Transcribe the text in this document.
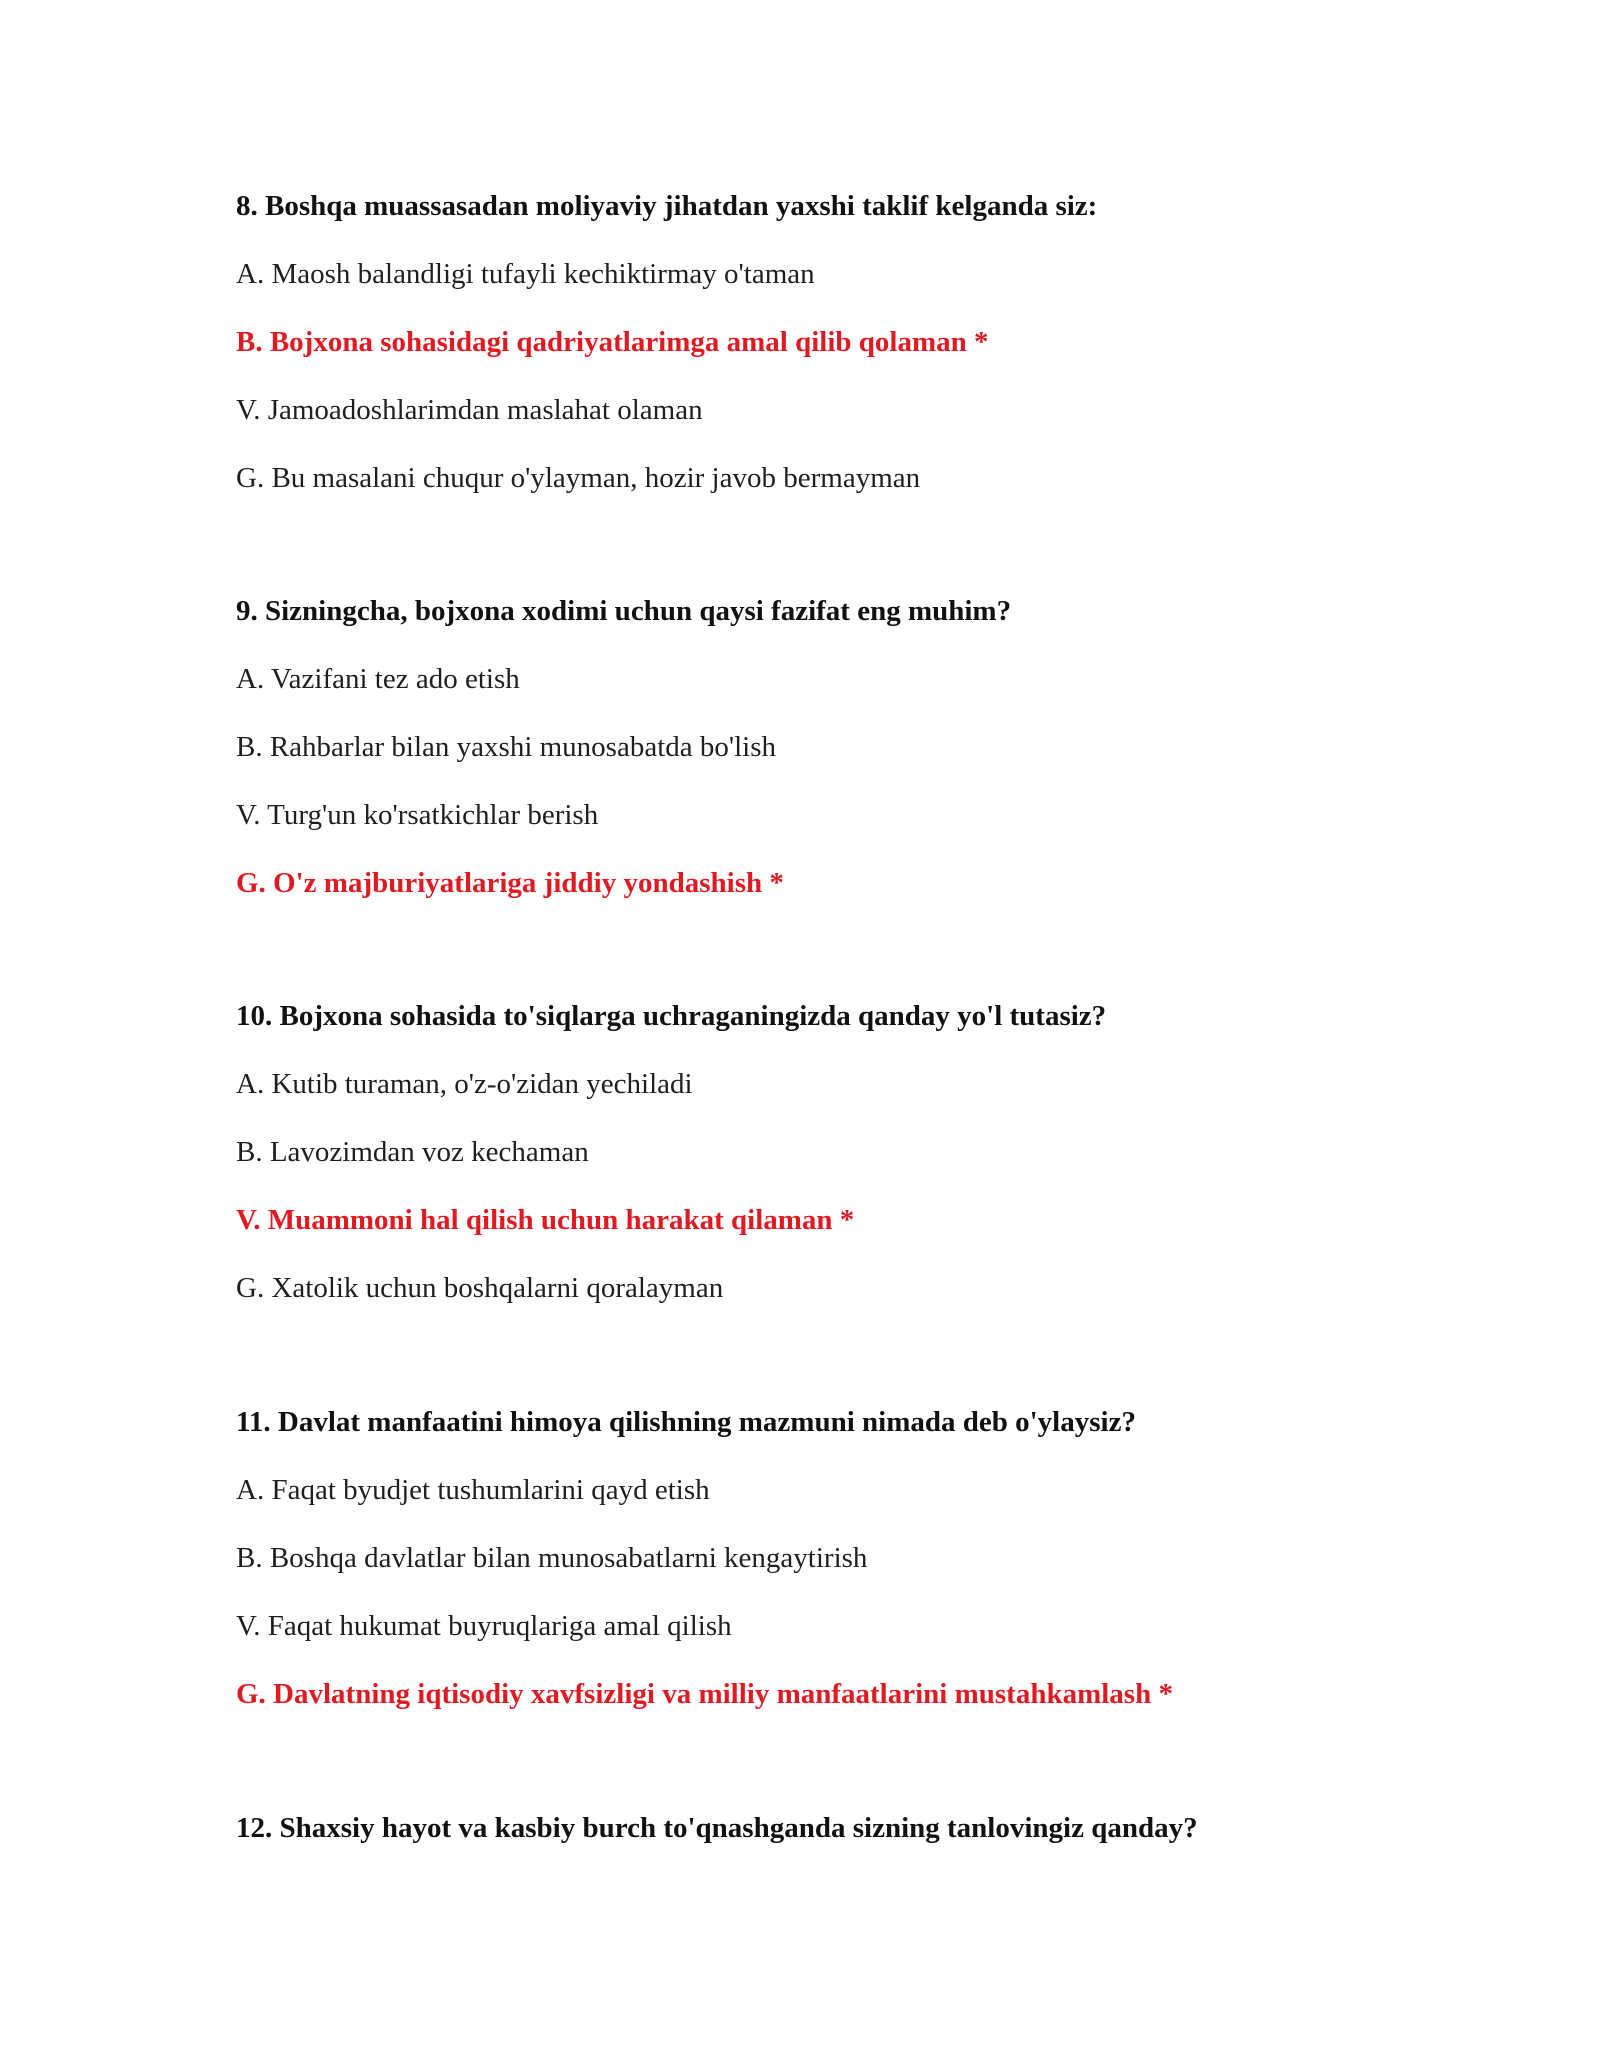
8. Boshqa muassasadan moliyaviy jihatdan yaxshi taklif kelganda siz:
A. Maosh balandligi tufayli kechiktirmay o'taman
B. Bojxona sohasidagi qadriyatlarimga amal qilib qolaman *
V. Jamoadoshlarimdan maslahat olaman
G. Bu masalani chuqur o'ylayman, hozir javob bermayman
9. Sizningcha, bojxona xodimi uchun qaysi fazifat eng muhim?
A. Vazifani tez ado etish
B. Rahbarlar bilan yaxshi munosabatda bo'lish
V. Turg'un ko'rsatkichlar berish
G. O'z majburiyatlariga jiddiy yondashish *
10. Bojxona sohasida to'siqlarga uchraganingizda qanday yo'l tutasiz?
A. Kutib turaman, o'z-o'zidan yechiladi
B. Lavozimdan voz kechaman
V. Muammoni hal qilish uchun harakat qilaman *
G. Xatolik uchun boshqalarni qoralayman
11. Davlat manfaatini himoya qilishning mazmuni nimada deb o'ylaysiz?
A. Faqat byudjet tushumlarini qayd etish
B. Boshqa davlatlar bilan munosabatlarni kengaytirish
V. Faqat hukumat buyruqlariga amal qilish
G. Davlatning iqtisodiy xavfsizligi va milliy manfaatlarini mustahkamlash *
12. Shaxsiy hayot va kasbiy burch to'qnashganda sizning tanlovingiz qanday?
